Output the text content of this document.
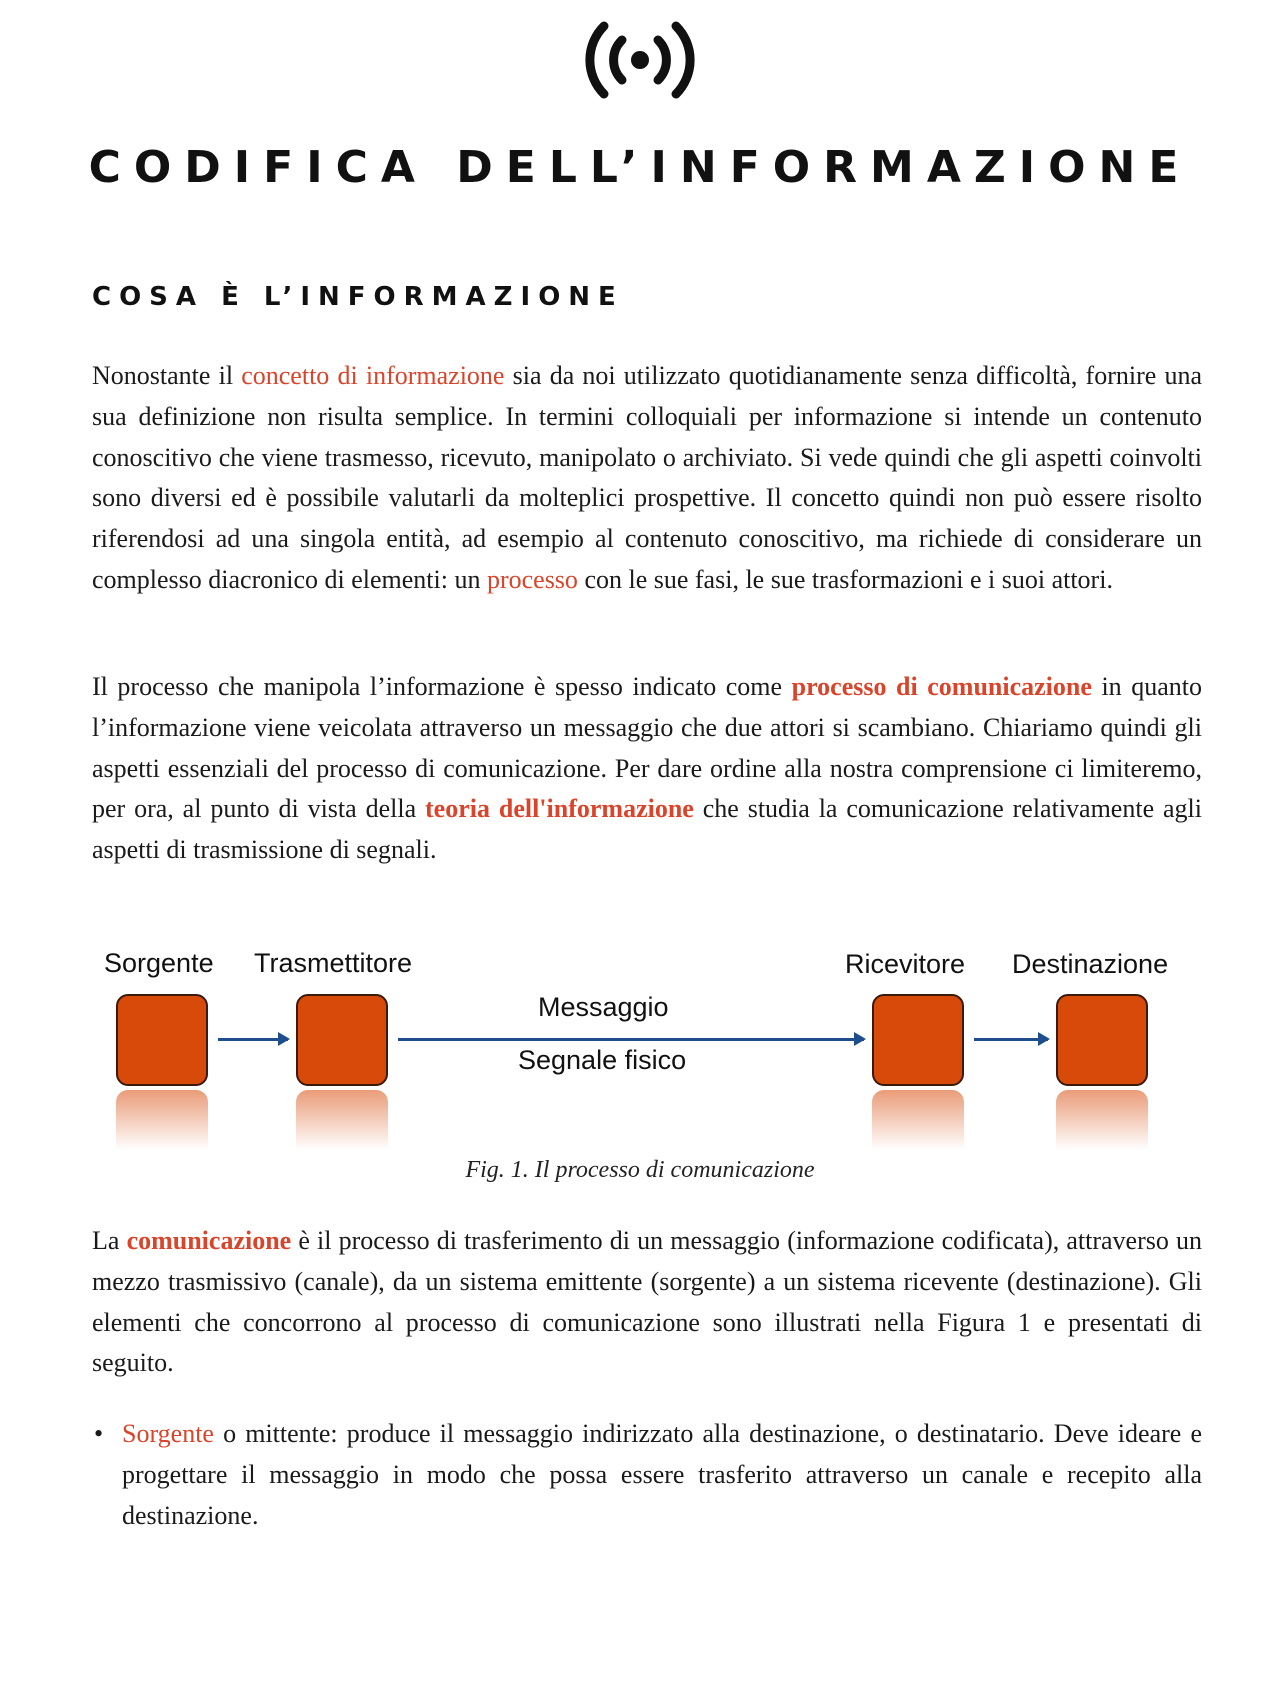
CODIFICA DELL’INFORMAZIONE
COSA È L’INFORMAZIONE

Nonostante il concetto di informazione sia da noi utilizzato quotidianamente senza difficoltà, fornire una sua definizione non risulta semplice. In termini colloquiali per informazione si intende un contenuto conoscitivo che viene trasmesso, ricevuto, manipolato o archiviato. Si vede quindi che gli aspetti coinvolti sono diversi ed è possibile valutarli da molteplici prospettive. Il concetto quindi non può essere risolto riferendosi ad una singola entità, ad esempio al contenuto conoscitivo, ma richiede di considerare un complesso diacronico di elementi: un processo con le sue fasi, le sue trasformazioni e i suoi attori.

Il processo che manipola l’informazione è spesso indicato come processo di comunicazione in quanto l’informazione viene veicolata attraverso un messaggio che due attori si scambiano. Chiariamo quindi gli aspetti essenziali del processo di comunicazione. Per dare ordine alla nostra comprensione ci limiteremo, per ora, al punto di vista della teoria dell'informazione che studia la comunicazione relativamente agli aspetti di trasmissione di segnali.

Sorgente Trasmettitore	Ricevitore Destinazione
Messaggio
Segnale fisico
Fig. 1. Il processo di comunicazione

La comunicazione è il processo di trasferimento di un messaggio (informazione codificata), attraverso un mezzo trasmissivo (canale), da un sistema emittente (sorgente) a un sistema ricevente (destinazione). Gli elementi che concorrono al processo di comunicazione sono illustrati nella Figura 1 e presentati di seguito.

• Sorgente o mittente: produce il messaggio indirizzato alla destinazione, o destinatario. Deve ideare e progettare il messaggio in modo che possa essere trasferito attraverso un canale e recepito alla destinazione.
